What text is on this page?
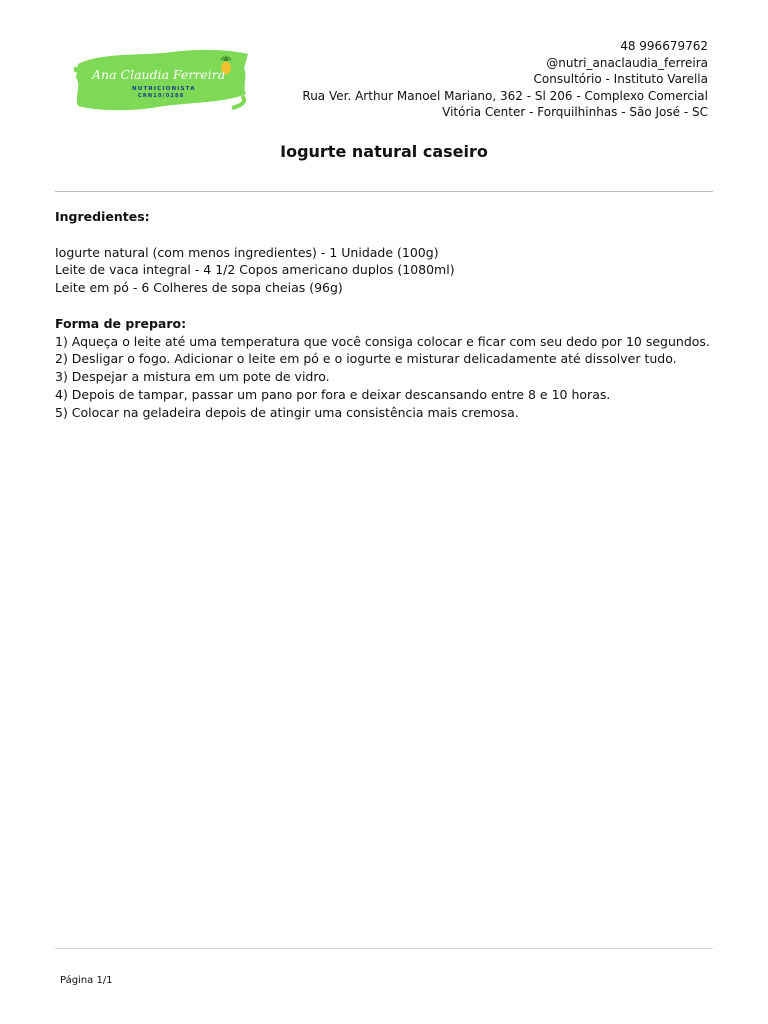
Ana Claudia Ferreira
NUTRICIONISTA
CRN10/0288
48 996679762
@nutri_anaclaudia_ferreira
Consultório - Instituto Varella
Rua Ver. Arthur Manoel Mariano, 362 - Sl 206 - Complexo Comercial
Vitória Center - Forquilhinhas - São José - SC
Iogurte natural caseiro
Ingredientes:
Iogurte natural (com menos ingredientes) - 1 Unidade (100g)
Leite de vaca integral - 4 1/2 Copos americano duplos (1080ml)
Leite em pó - 6 Colheres de sopa cheias (96g)
Forma de preparo:
1) Aqueça o leite até uma temperatura que você consiga colocar e ficar com seu dedo por 10 segundos.
2) Desligar o fogo. Adicionar o leite em pó e o iogurte e misturar delicadamente até dissolver tudo.
3) Despejar a mistura em um pote de vidro.
4) Depois de tampar, passar um pano por fora e deixar descansando entre 8 e 10 horas.
5) Colocar na geladeira depois de atingir uma consistência mais cremosa.
Página 1/1
